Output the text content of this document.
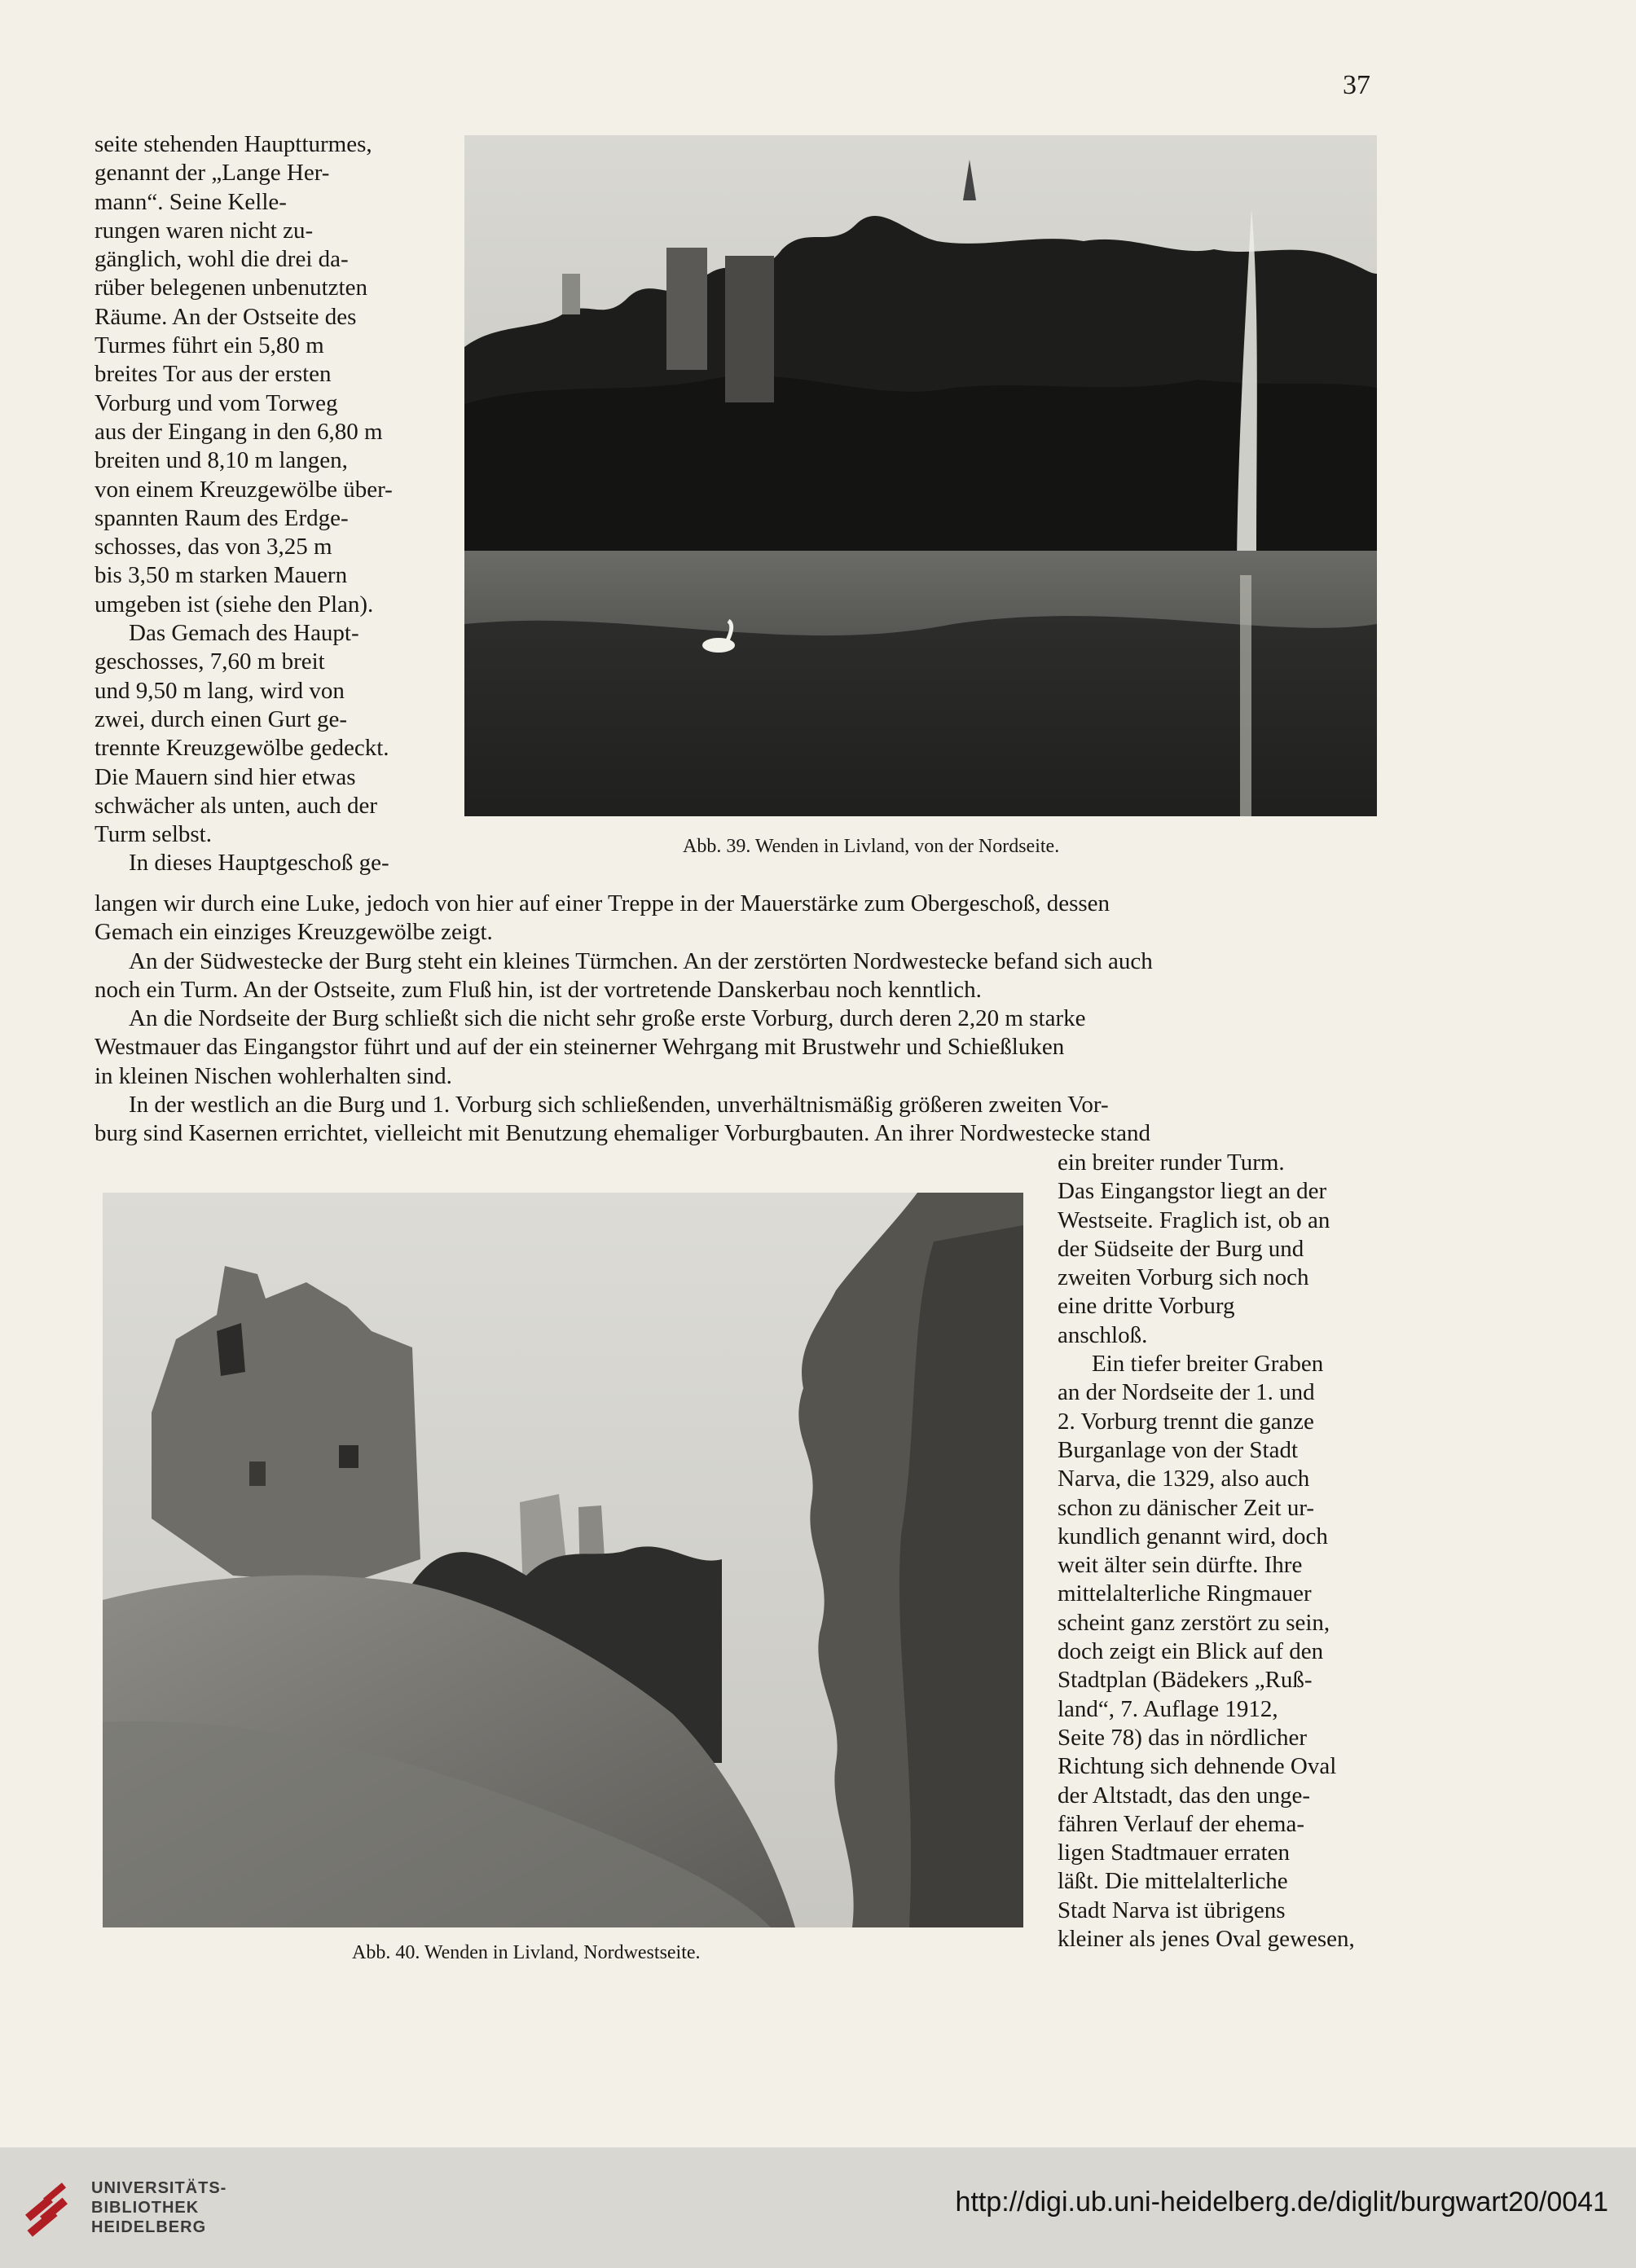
37

seite stehenden Hauptturmes,

genannt der „Lange Her-

mann“. Seine Kelle-

rungen waren nicht zu-

gänglich, wohl die drei da-

rüber belegenen unbenutzten

Räume. An der Ostseite des

Turmes führt ein 5,80 m

breites Tor aus der ersten

Vorburg und vom Torweg

aus der Eingang in den 6,80 m

breiten und 8,10 m langen,

von einem Kreuzgewölbe über-

spannten Raum des Erdge-

schosses, das von 3,25 m

bis 3,50 m starken Mauern

umgeben ist (siehe den Plan).

Das Gemach des Haupt-

geschosses, 7,60 m breit

und 9,50 m lang, wird von

zwei, durch einen Gurt ge-

trennte Kreuzgewölbe gedeckt.

Die Mauern sind hier etwas

schwächer als unten, auch der

Turm selbst.

In dieses Hauptgeschoß ge-

Abb. 39. Wenden in Livland, von der Nordseite.

langen wir durch eine Luke, jedoch von hier auf einer Treppe in der Mauerstärke zum Obergeschoß, dessen

Gemach ein einziges Kreuzgewölbe zeigt.

An der Südwestecke der Burg steht ein kleines Türmchen. An der zerstörten Nordwestecke befand sich auch

noch ein Turm. An der Ostseite, zum Fluß hin, ist der vortretende Danskerbau noch kenntlich.

An die Nordseite der Burg schließt sich die nicht sehr große erste Vorburg, durch deren 2,20 m starke

Westmauer das Eingangstor führt und auf der ein steinerner Wehrgang mit Brustwehr und Schießluken

in kleinen Nischen wohlerhalten sind.

In der westlich an die Burg und 1. Vorburg sich schließenden, unverhältnismäßig größeren zweiten Vor-

burg sind Kasernen errichtet, vielleicht mit Benutzung ehemaliger Vorburgbauten. An ihrer Nordwestecke stand

Abb. 40. Wenden in Livland, Nordwestseite.

ein breiter runder Turm.

Das Eingangstor liegt an der

Westseite. Fraglich ist, ob an

der Südseite der Burg und

zweiten Vorburg sich noch

eine dritte Vorburg

anschloß.

Ein tiefer breiter Graben

an der Nordseite der 1. und

2. Vorburg trennt die ganze

Burganlage von der Stadt

Narva, die 1329, also auch

schon zu dänischer Zeit ur-

kundlich genannt wird, doch

weit älter sein dürfte. Ihre

mittelalterliche Ringmauer

scheint ganz zerstört zu sein,

doch zeigt ein Blick auf den

Stadtplan (Bädekers „Ruß-

land“, 7. Auflage 1912,

Seite 78) das in nördlicher

Richtung sich dehnende Oval

der Altstadt, das den unge-

fähren Verlauf der ehema-

ligen Stadtmauer erraten

läßt. Die mittelalterliche

Stadt Narva ist übrigens

kleiner als jenes Oval gewesen,

UNIVERSITÄTS-
BIBLIOTHEK
HEIDELBERG
http://digi.ub.uni-heidelberg.de/diglit/burgwart20/0041
